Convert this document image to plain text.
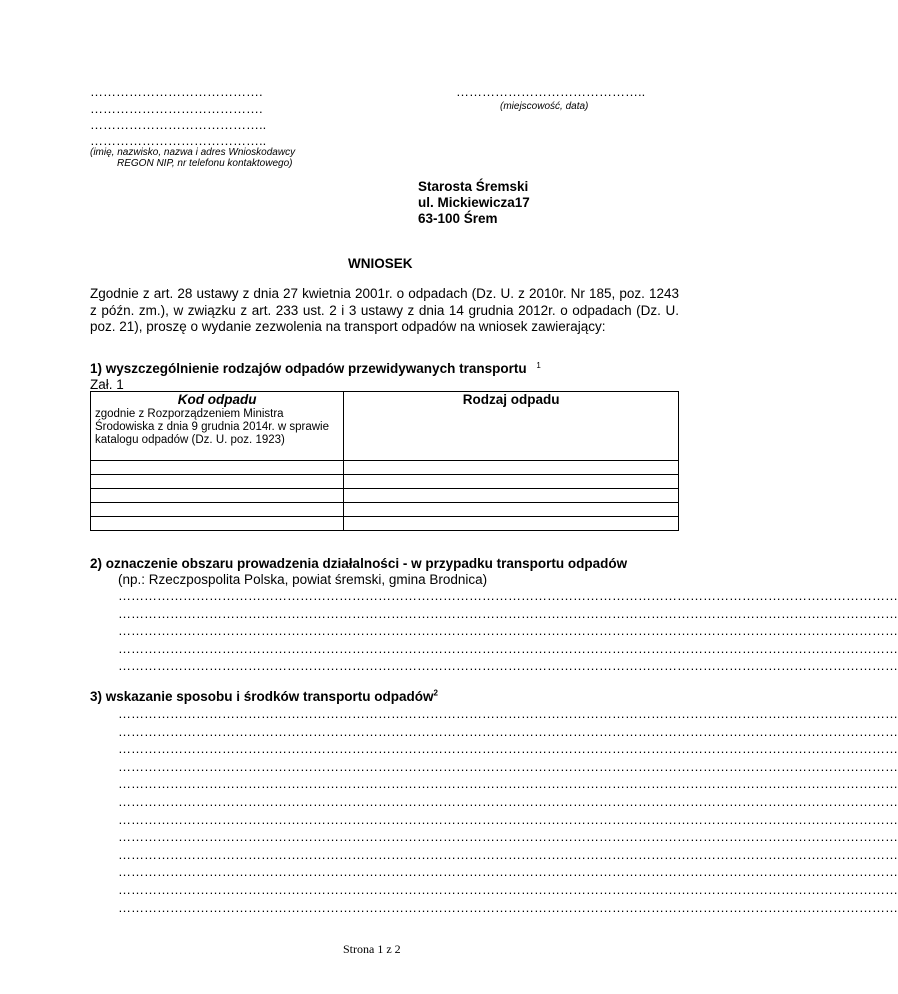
………………………………….
………………………………….
…………………………………..
…………………………………..
(imię, nazwisko, nazwa i adres Wnioskodawcy
REGON NIP, nr telefonu kontaktowego)
……………………………………..
(miejscowość, data)
Starosta Śremski
ul. Mickiewicza17
63-100 Śrem
WNIOSEK
Zgodnie z art. 28 ustawy z dnia 27 kwietnia 2001r. o odpadach (Dz. U. z 2010r. Nr 185, poz. 1243 z późn. zm.), w związku z art. 233 ust. 2 i 3 ustawy z dnia 14 grudnia 2012r. o odpadach (Dz. U. poz. 21), proszę o wydanie zezwolenia na transport odpadów na wniosek zawierający:
1) wyszczególnienie rodzajów odpadów przewidywanych transportu $^1$
Zał. 1
Kod odpadu
zgodnie z Rozporządzeniem Ministra Środowiska z dnia 9 grudnia 2014r. w sprawie katalogu odpadów (Dz. U. poz. 1923)	Rodzaj odpadu

2) oznaczenie obszaru prowadzenia działalności - w przypadku transportu odpadów
(np.: Rzeczpospolita Polska, powiat śremski, gmina Brodnica)
………………………………………………………………………………………………………………………………………………………………
………………………………………………………………………………………………………………………………………………………………
………………………………………………………………………………………………………………………………………………………………
………………………………………………………………………………………………………………………………………………………………
………………………………………………………………………………………………………………………………………………………………
3) wskazanie sposobu i środków transportu odpadów$^2$
………………………………………………………………………………………………………………………………………………………………
………………………………………………………………………………………………………………………………………………………………
………………………………………………………………………………………………………………………………………………………………
………………………………………………………………………………………………………………………………………………………………
………………………………………………………………………………………………………………………………………………………………
………………………………………………………………………………………………………………………………………………………………
………………………………………………………………………………………………………………………………………………………………
………………………………………………………………………………………………………………………………………………………………
………………………………………………………………………………………………………………………………………………………………
………………………………………………………………………………………………………………………………………………………………
………………………………………………………………………………………………………………………………………………………………
………………………………………………………………………………………………………………………………………………………………
Strona 1 z 2
